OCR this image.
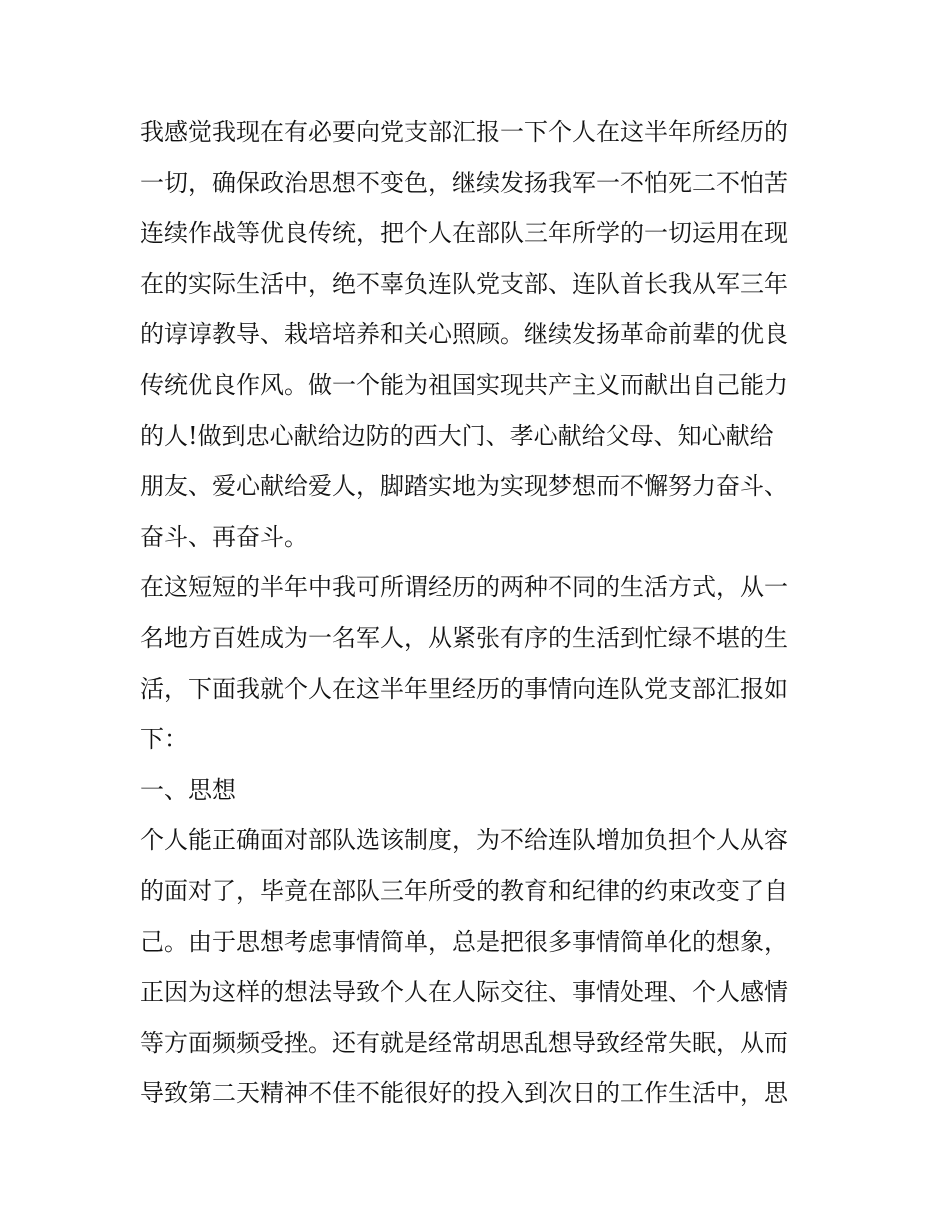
我感觉我现在有必要向党支部汇报一下个人在这半年所经历的
一切，确保政治思想不变色，继续发扬我军一不怕死二不怕苦
连续作战等优良传统，把个人在部队三年所学的一切运用在现
在的实际生活中，绝不辜负连队党支部、连队首长我从军三年
的谆谆教导、栽培培养和关心照顾。继续发扬革命前辈的优良
传统优良作风。做一个能为祖国实现共产主义而献出自己能力
的人!做到忠心献给边防的西大门、孝心献给父母、知心献给
朋友、爱心献给爱人，脚踏实地为实现梦想而不懈努力奋斗、
奋斗、再奋斗。
在这短短的半年中我可所谓经历的两种不同的生活方式，从一
名地方百姓成为一名军人，从紧张有序的生活到忙绿不堪的生
活，下面我就个人在这半年里经历的事情向连队党支部汇报如
下：
一、思想
个人能正确面对部队选该制度，为不给连队增加负担个人从容
的面对了，毕竟在部队三年所受的教育和纪律的约束改变了自
己。由于思想考虑事情简单，总是把很多事情简单化的想象，
正因为这样的想法导致个人在人际交往、事情处理、个人感情
等方面频频受挫。还有就是经常胡思乱想导致经常失眠，从而
导致第二天精神不佳不能很好的投入到次日的工作生活中，思
